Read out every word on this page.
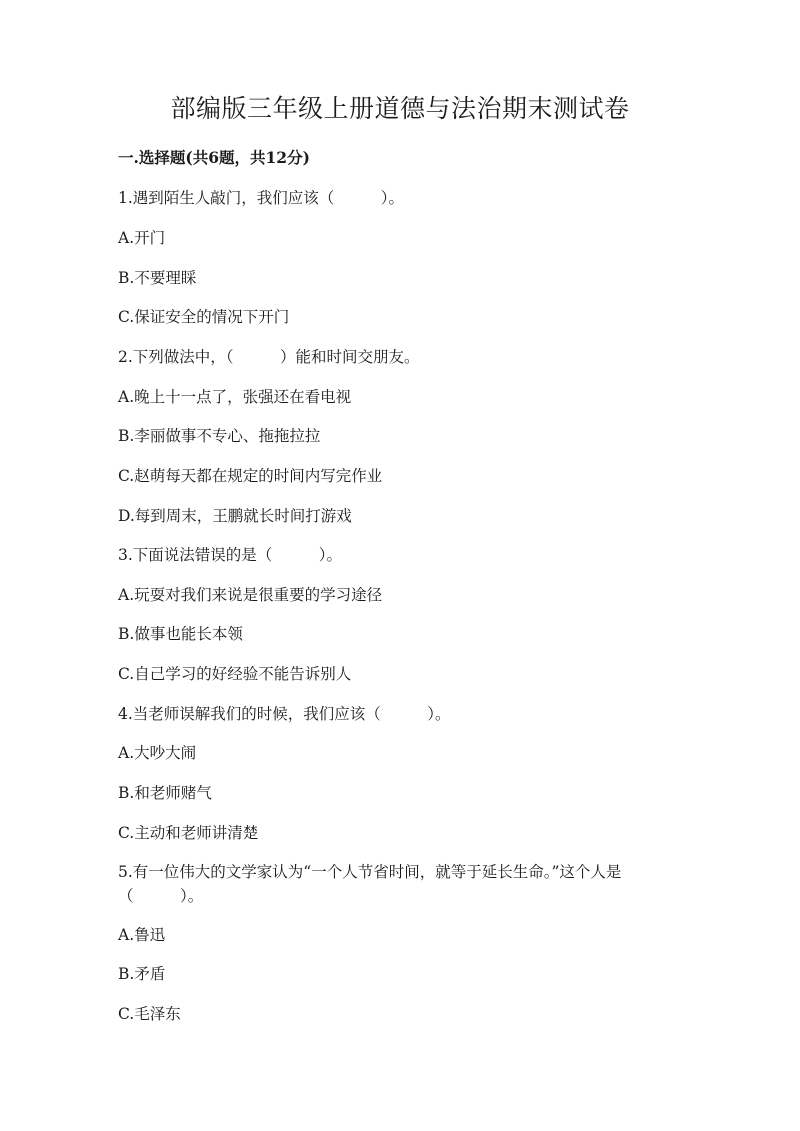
部编版三年级上册道德与法治期末测试卷
一.选择题(共6题，共12分)
1.遇到陌生人敲门，我们应该（　　　）。
A.开门
B.不要理睬
C.保证安全的情况下开门
2.下列做法中，（　　　）能和时间交朋友。
A.晚上十一点了，张强还在看电视
B.李丽做事不专心、拖拖拉拉
C.赵萌每天都在规定的时间内写完作业
D.每到周末，王鹏就长时间打游戏
3.下面说法错误的是（　　　）。
A.玩耍对我们来说是很重要的学习途径
B.做事也能长本领
C.自己学习的好经验不能告诉别人
4.当老师误解我们的时候，我们应该（　　　）。
A.大吵大闹
B.和老师赌气
C.主动和老师讲清楚
5.有一位伟大的文学家认为“一个人节省时间，就等于延长生命。”这个人是（　　　）。
A.鲁迅
B.矛盾
C.毛泽东
